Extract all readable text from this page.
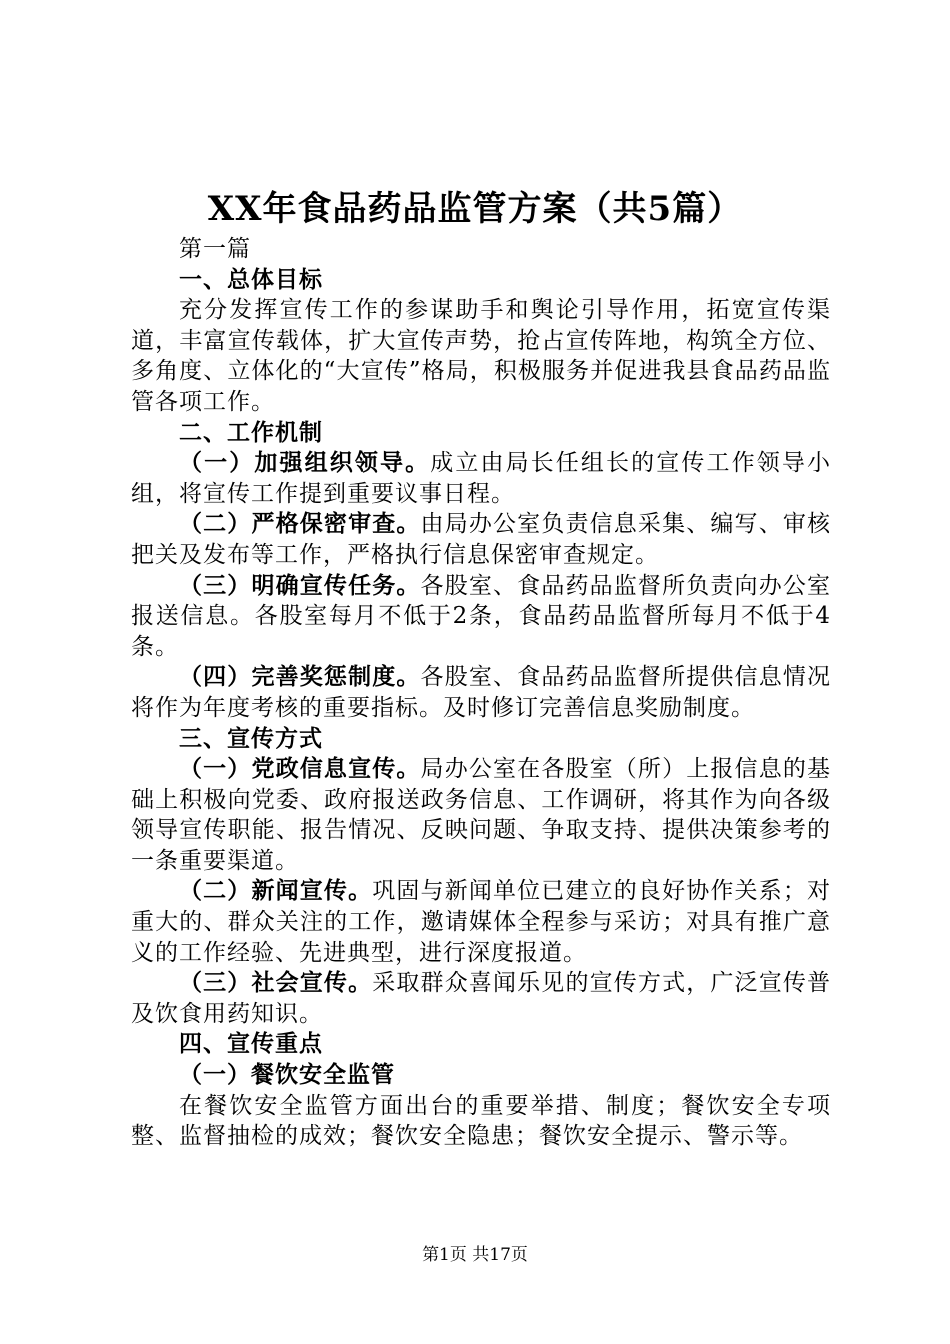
XX年食品药品监管方案（共5篇）

第一篇

一、总体目标

充分发挥宣传工作的参谋助手和舆论引导作用，拓宽宣传渠道，丰富宣传载体，扩大宣传声势，抢占宣传阵地，构筑全方位、多角度、立体化的“大宣传”格局，积极服务并促进我县食品药品监管各项工作。

二、工作机制

（一）加强组织领导。成立由局长任组长的宣传工作领导小组，将宣传工作提到重要议事日程。

（二）严格保密审查。由局办公室负责信息采集、编写、审核把关及发布等工作，严格执行信息保密审查规定。

（三）明确宣传任务。各股室、食品药品监督所负责向办公室报送信息。各股室每月不低于2条，食品药品监督所每月不低于4条。

（四）完善奖惩制度。各股室、食品药品监督所提供信息情况将作为年度考核的重要指标。及时修订完善信息奖励制度。

三、宣传方式

（一）党政信息宣传。局办公室在各股室（所）上报信息的基础上积极向党委、政府报送政务信息、工作调研，将其作为向各级领导宣传职能、报告情况、反映问题、争取支持、提供决策参考的一条重要渠道。

（二）新闻宣传。巩固与新闻单位已建立的良好协作关系；对重大的、群众关注的工作，邀请媒体全程参与采访；对具有推广意义的工作经验、先进典型，进行深度报道。

（三）社会宣传。采取群众喜闻乐见的宣传方式，广泛宣传普及饮食用药知识。

四、宣传重点

（一）餐饮安全监管

在餐饮安全监管方面出台的重要举措、制度；餐饮安全专项整、监督抽检的成效；餐饮安全隐患；餐饮安全提示、警示等。

第1页 共17页
